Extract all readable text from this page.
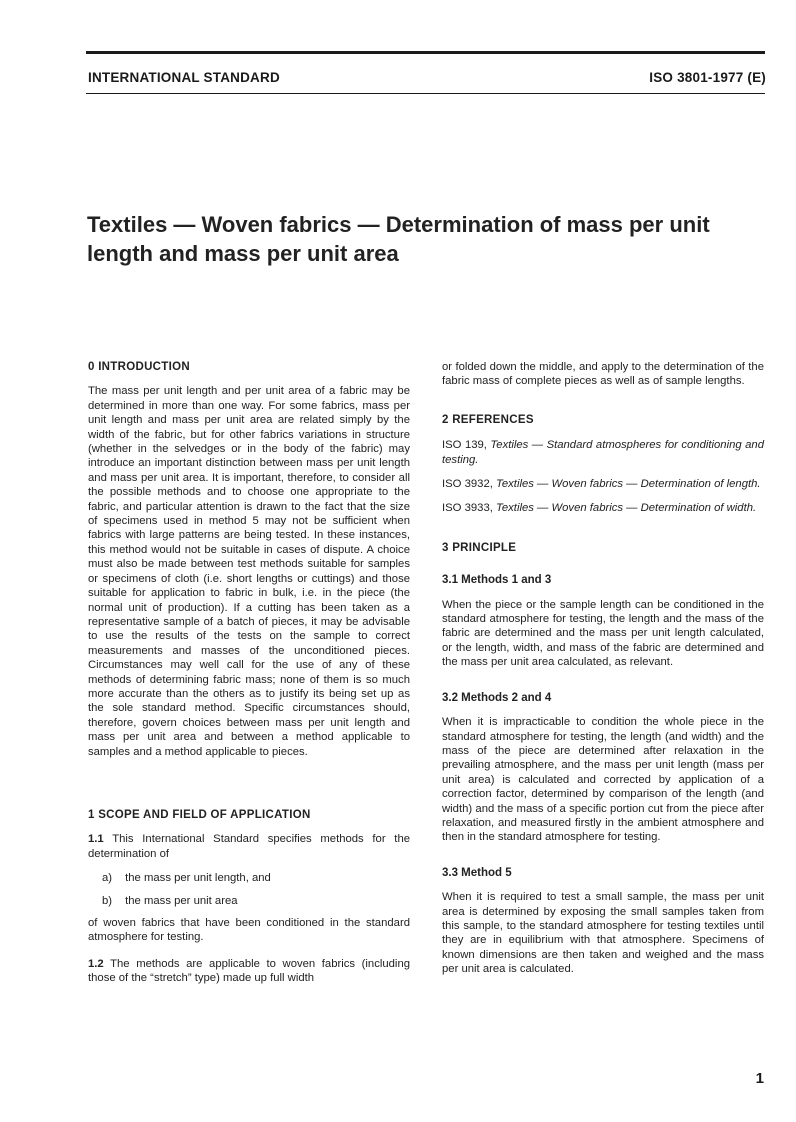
INTERNATIONAL STANDARD	ISO 3801-1977 (E)
Textiles — Woven fabrics — Determination of mass per unit
length and mass per unit area

0 INTRODUCTION

The mass per unit length and per unit area of a fabric may be determined in more than one way. For some fabrics, mass per unit length and mass per unit area are related simply by the width of the fabric, but for other fabrics variations in structure (whether in the selvedges or in the body of the fabric) may introduce an important distinction between mass per unit length and mass per unit area. It is important, therefore, to consider all the possible methods and to choose one appropriate to the fabric, and particular attention is drawn to the fact that the size of specimens used in method 5 may not be sufficient when fabrics with large patterns are being tested. In these instances, this method would not be suitable in cases of dispute. A choice must also be made between test methods suitable for samples or specimens of cloth (i.e. short lengths or cuttings) and those suitable for application to fabric in bulk, i.e. in the piece (the normal unit of production). If a cutting has been taken as a representative sample of a batch of pieces, it may be advisable to use the results of the tests on the sample to correct measurements and masses of the unconditioned pieces. Circumstances may well call for the use of any of these methods of determining fabric mass; none of them is so much more accurate than the others as to justify its being set up as the sole standard method. Specific circumstances should, therefore, govern choices between mass per unit length and mass per unit area and between a method applicable to samples and a method applicable to pieces.

1 SCOPE AND FIELD OF APPLICATION

1.1 This International Standard specifies methods for the determination of

a) the mass per unit length, and

b) the mass per unit area

of woven fabrics that have been conditioned in the standard atmosphere for testing.

1.2 The methods are applicable to woven fabrics (including those of the “stretch” type) made up full width

or folded down the middle, and apply to the determination of the fabric mass of complete pieces as well as of sample lengths.

2 REFERENCES

ISO 139, Textiles — Standard atmospheres for conditioning and testing.

ISO 3932, Textiles — Woven fabrics — Determination of length.

ISO 3933, Textiles — Woven fabrics — Determination of width.

3 PRINCIPLE

3.1 Methods 1 and 3

When the piece or the sample length can be conditioned in the standard atmosphere for testing, the length and the mass of the fabric are determined and the mass per unit length calculated, or the length, width, and mass of the fabric are determined and the mass per unit area calculated, as relevant.

3.2 Methods 2 and 4

When it is impracticable to condition the whole piece in the standard atmosphere for testing, the length (and width) and the mass of the piece are determined after relaxation in the prevailing atmosphere, and the mass per unit length (mass per unit area) is calculated and corrected by application of a correction factor, determined by comparison of the length (and width) and the mass of a specific portion cut from the piece after relaxation, and measured firstly in the ambient atmosphere and then in the standard atmosphere for testing.

3.3 Method 5

When it is required to test a small sample, the mass per unit area is determined by exposing the small samples taken from this sample, to the standard atmosphere for testing textiles until they are in equilibrium with that atmosphere. Specimens of known dimensions are then taken and weighed and the mass per unit area is calculated.

1
